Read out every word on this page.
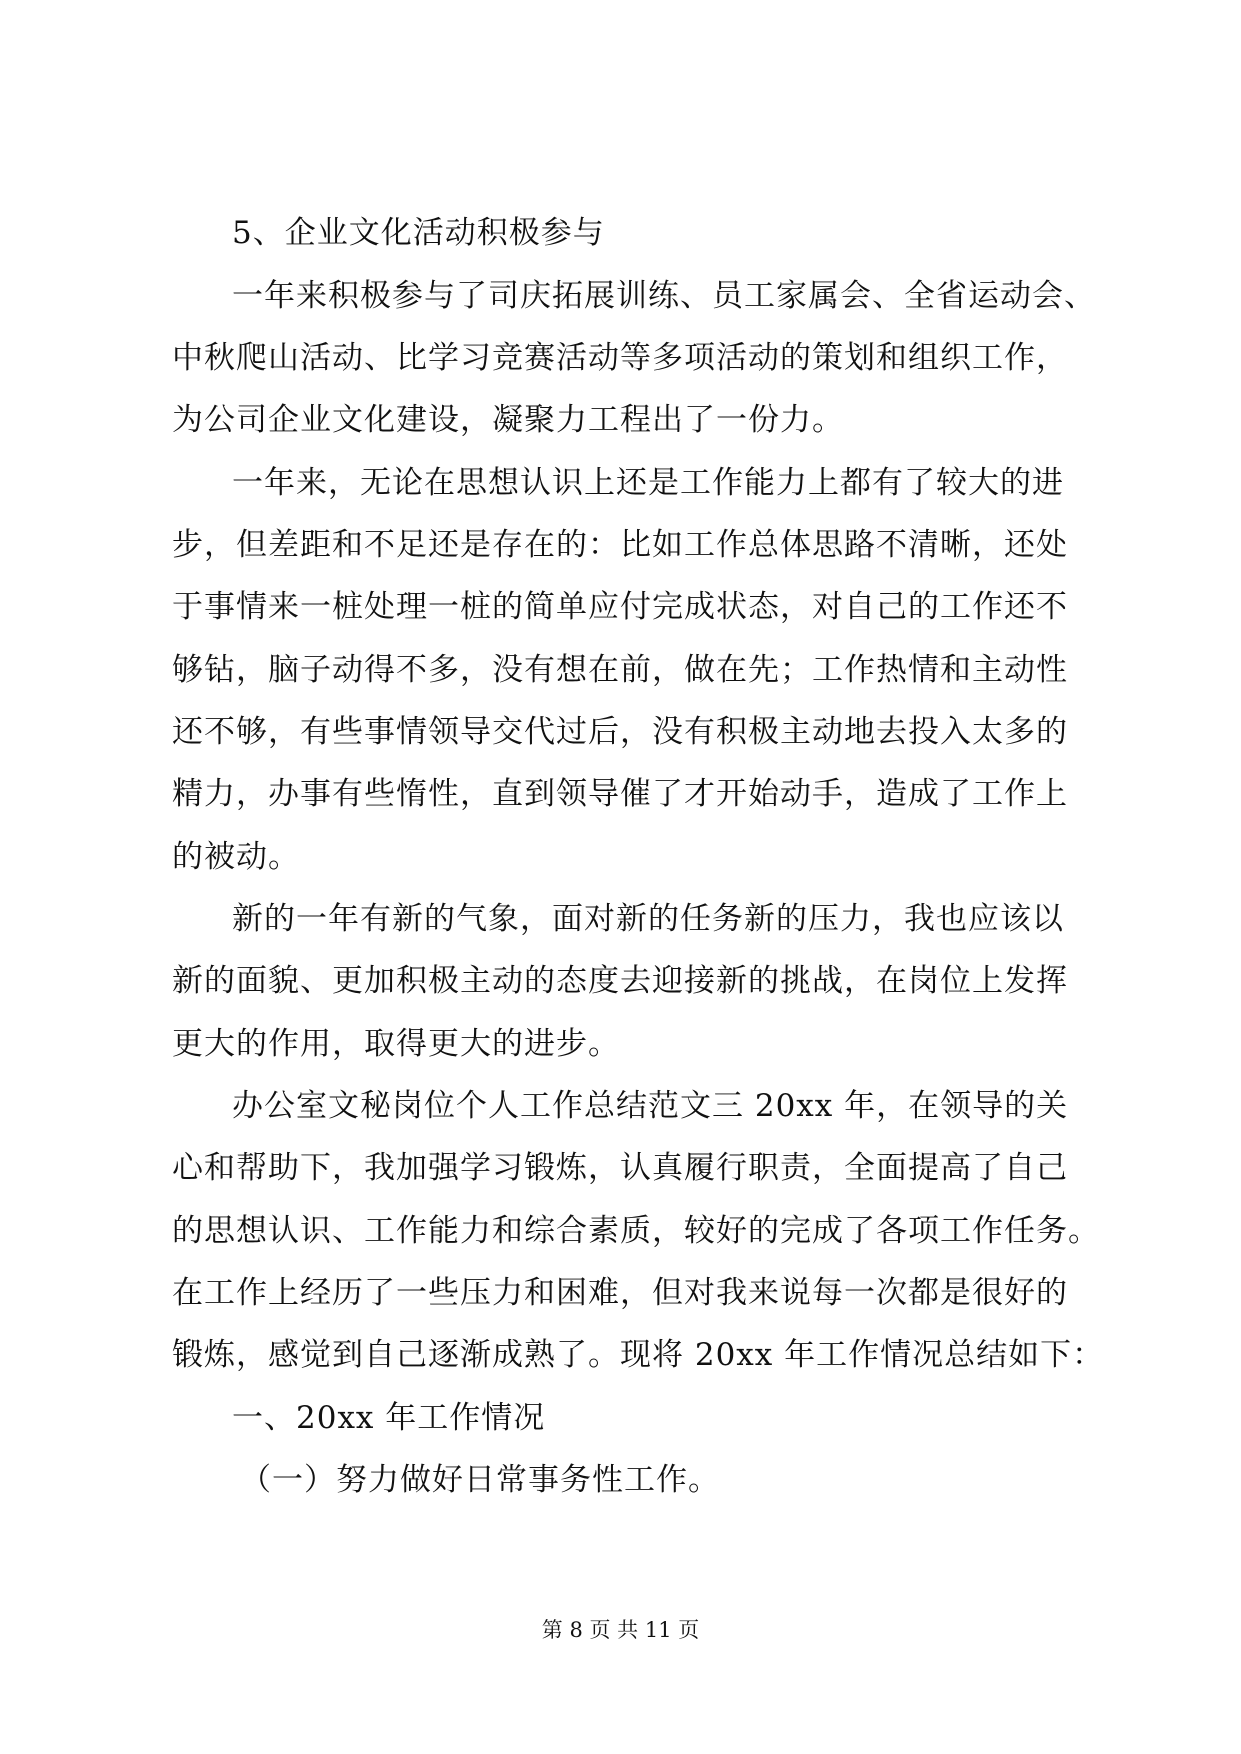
5、企业文化活动积极参与

一年来积极参与了司庆拓展训练、员工家属会、全省运动会、

中秋爬山活动、比学习竞赛活动等多项活动的策划和组织工作，

为公司企业文化建设，凝聚力工程出了一份力。

一年来，无论在思想认识上还是工作能力上都有了较大的进

步，但差距和不足还是存在的：比如工作总体思路不清晰，还处

于事情来一桩处理一桩的简单应付完成状态，对自己的工作还不

够钻，脑子动得不多，没有想在前，做在先；工作热情和主动性

还不够，有些事情领导交代过后，没有积极主动地去投入太多的

精力，办事有些惰性，直到领导催了才开始动手，造成了工作上

的被动。

新的一年有新的气象，面对新的任务新的压力，我也应该以

新的面貌、更加积极主动的态度去迎接新的挑战，在岗位上发挥

更大的作用，取得更大的进步。

办公室文秘岗位个人工作总结范文三 20xx 年，在领导的关

心和帮助下，我加强学习锻炼，认真履行职责，全面提高了自己

的思想认识、工作能力和综合素质，较好的完成了各项工作任务。

在工作上经历了一些压力和困难，但对我来说每一次都是很好的

锻炼，感觉到自己逐渐成熟了。现将 20xx 年工作情况总结如下：

一、20xx 年工作情况

（一）努力做好日常事务性工作。

第 8 页 共 11 页
